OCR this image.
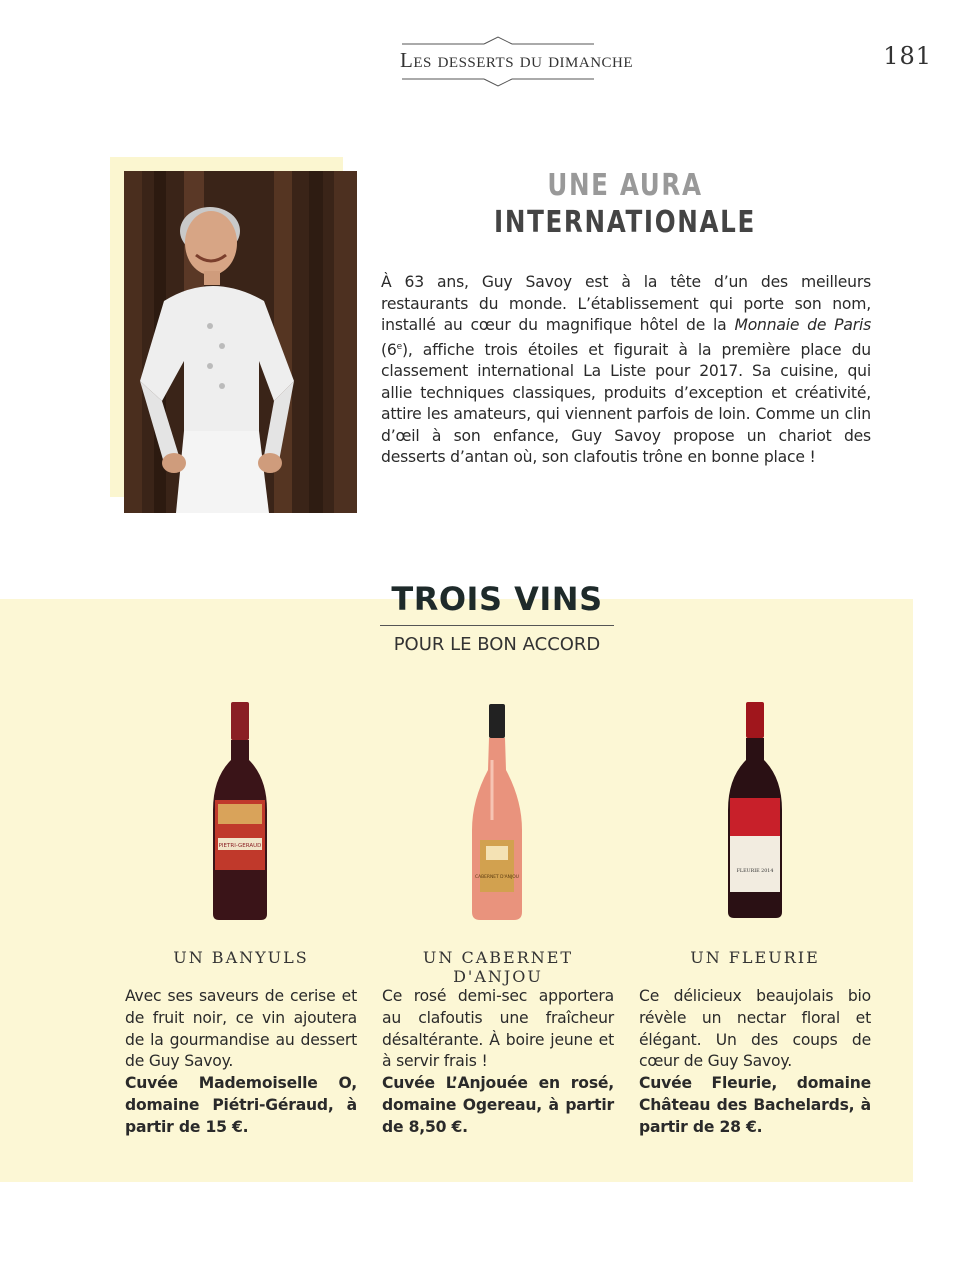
Les desserts du dimanche	181
UNE AURA
INTERNATIONALE
À 63 ans, Guy Savoy est à la tête d’un des meilleurs restaurants du monde. L’établissement qui porte son nom, installé au cœur du magnifique hôtel de la Monnaie de Paris (6e), affiche trois étoiles et figurait à la première place du classement international La Liste pour 2017. Sa cuisine, qui allie techniques classiques, produits d’exception et créativité, attire les amateurs, qui viennent parfois de loin. Comme un clin d’œil à son enfance, Guy Savoy propose un chariot des desserts d’antan où, son clafoutis trône en bonne place !
TROIS VINS
POUR LE BON ACCORD
PIETRI-GERAUD
CABERNET D'ANJOU
FLEURIE 2014
UN BANYULS	UN CABERNET D'ANJOU
UN FLEURIE
Avec ses saveurs de cerise et de fruit noir, ce vin ajoutera de la gourmandise au dessert de Guy Savoy.
Cuvée Mademoiselle O, domaine Piétri-Géraud, à partir de 15 €.
Ce rosé demi-sec apportera au clafoutis une fraîcheur désaltérante. À boire jeune et à servir frais !
Cuvée L’Anjouée en rosé, domaine Ogereau, à partir de 8,50 €.
Ce délicieux beaujolais bio révèle un nectar floral et élégant. Un des coups de cœur de Guy Savoy.
Cuvée Fleurie, domaine Château des Bachelards, à partir de 28 €.
